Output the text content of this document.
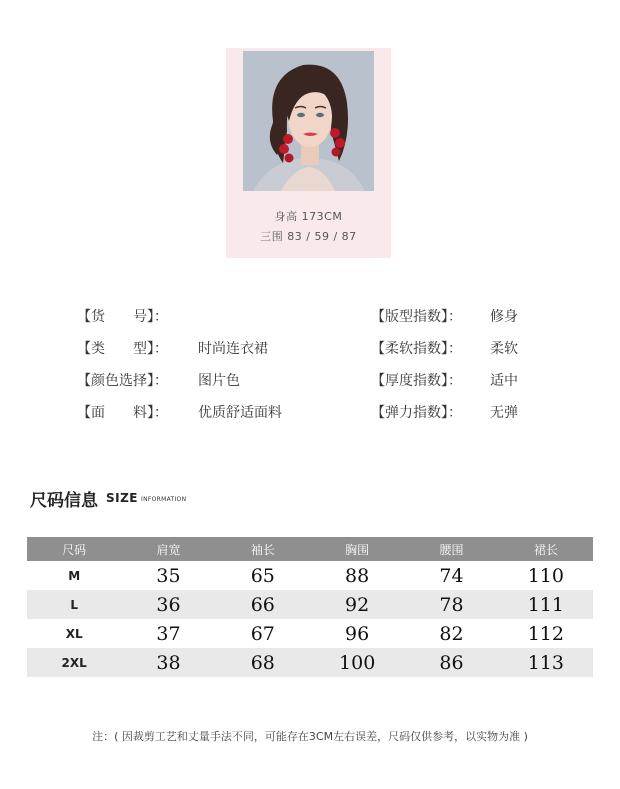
身高 173CM
三围 83 / 59 / 87
【货　　号】：
【类　　型】： 时尚连衣裙
【颜色选择】： 图片色
【面　　料】： 优质舒适面料
【版型指数】： 修身
【柔软指数】： 柔软
【厚度指数】： 适中
【弹力指数】： 无弹
尺码信息 SIZE INFORMATION
尺码	肩宽	袖长	胸围	腰围	裙长
M	35	65	88	74	110
L	36	66	92	78	111
XL	37	67	96	82	112
2XL	38	68	100	86	113
注：( 因裁剪工艺和丈量手法不同，可能存在3CM左右误差，尺码仅供参考，以实物为准 )
